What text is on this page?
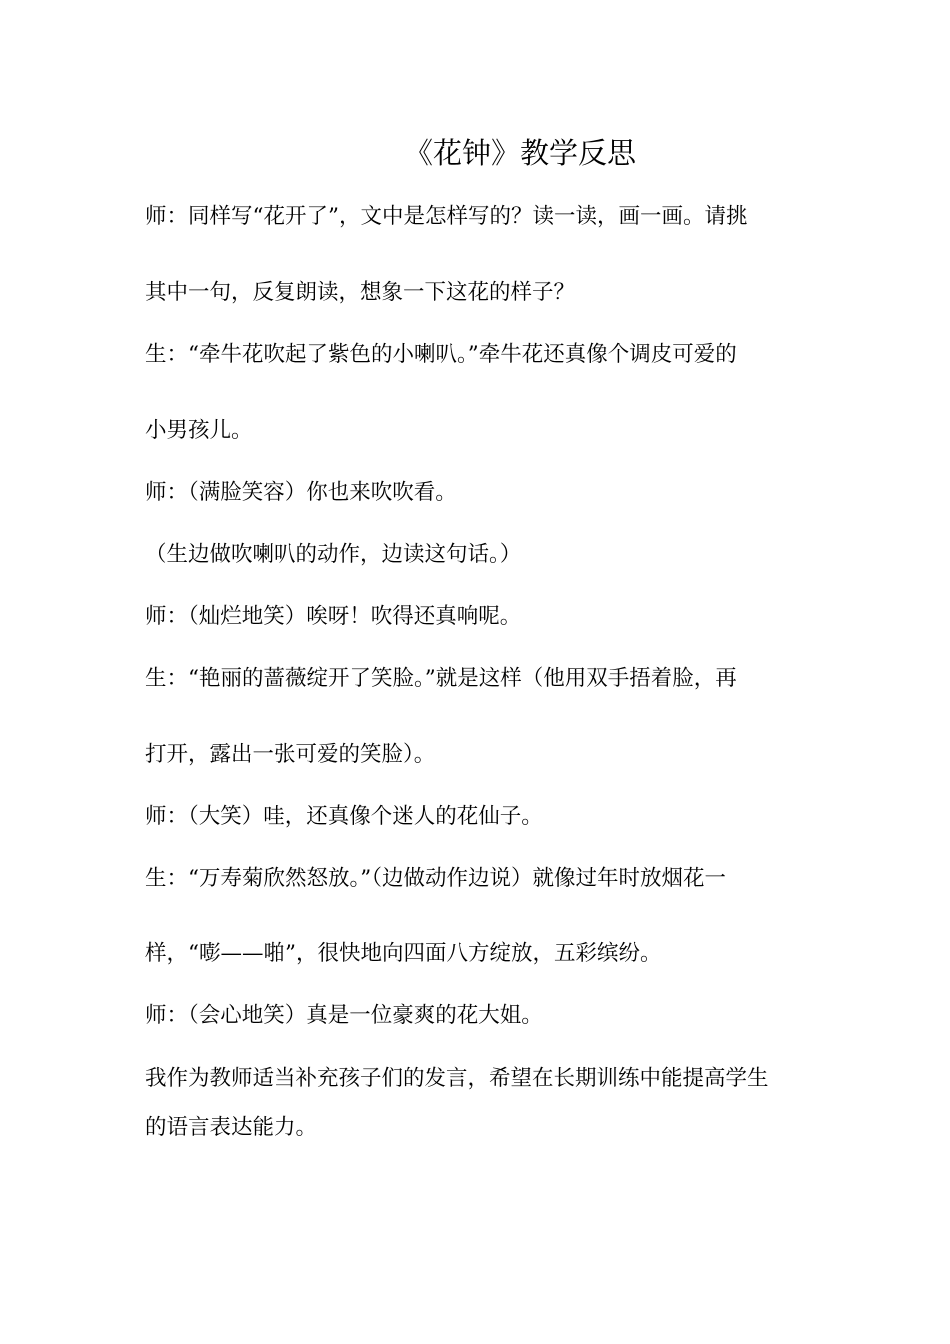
《花钟》教学反思
师：同样写“花开了”，文中是怎样写的？读一读，画一画。请挑
其中一句，反复朗读，想象一下这花的样子？
生：“牵牛花吹起了紫色的小喇叭。”牵牛花还真像个调皮可爱的
小男孩儿。
师：（满脸笑容）你也来吹吹看。
（生边做吹喇叭的动作，边读这句话。）
师：（灿烂地笑）唉呀！吹得还真响呢。
生：“艳丽的蔷薇绽开了笑脸。”就是这样（他用双手捂着脸，再
打开，露出一张可爱的笑脸）。
师：（大笑）哇，还真像个迷人的花仙子。
生：“万寿菊欣然怒放。”（边做动作边说）就像过年时放烟花一
样，“嘭——啪”，很快地向四面八方绽放，五彩缤纷。
师：（会心地笑）真是一位豪爽的花大姐。
我作为教师适当补充孩子们的发言，希望在长期训练中能提高学生
的语言表达能力。
